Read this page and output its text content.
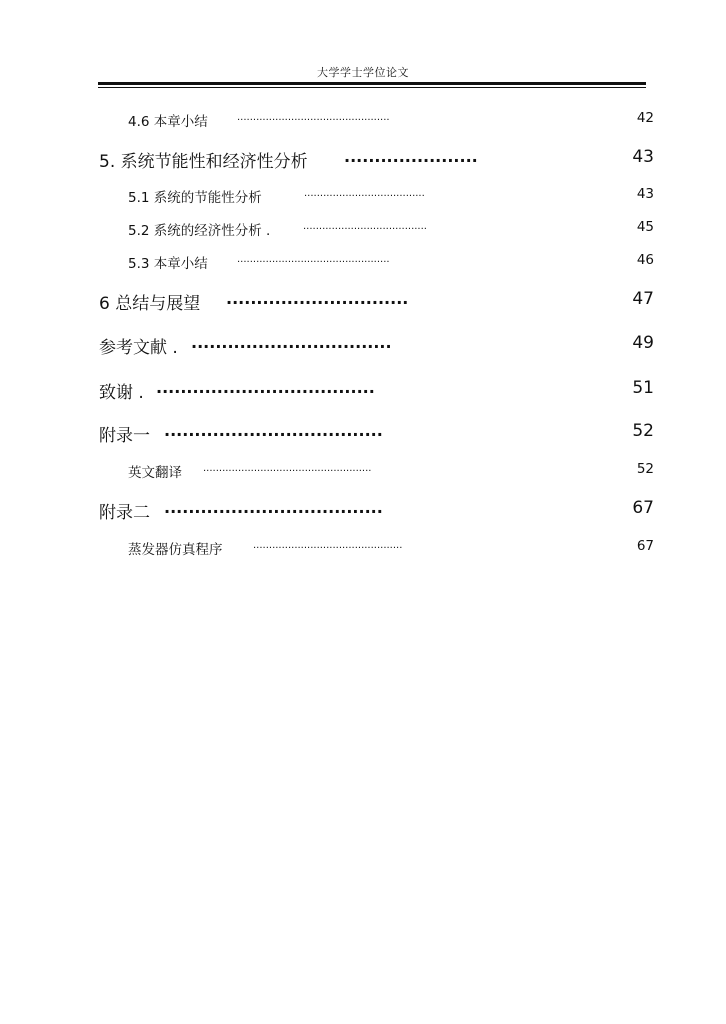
大学学士学位论文
4.6 本章小结	................................................	42
5. 系统节能性和经济性分析 ......................	43
5.1 系统的节能性分析	......................................	43
5.2 系统的经济性分析 .	.......................................	45
5.3 本章小结	................................................	46
6 总结与展望 ..............................	47
参考文献 . .................................	49
致谢 . ....................................	51
附录一 ....................................	52
英文翻译 .....................................................	52
附录二 ....................................	67
蒸发器仿真程序	...............................................	67
